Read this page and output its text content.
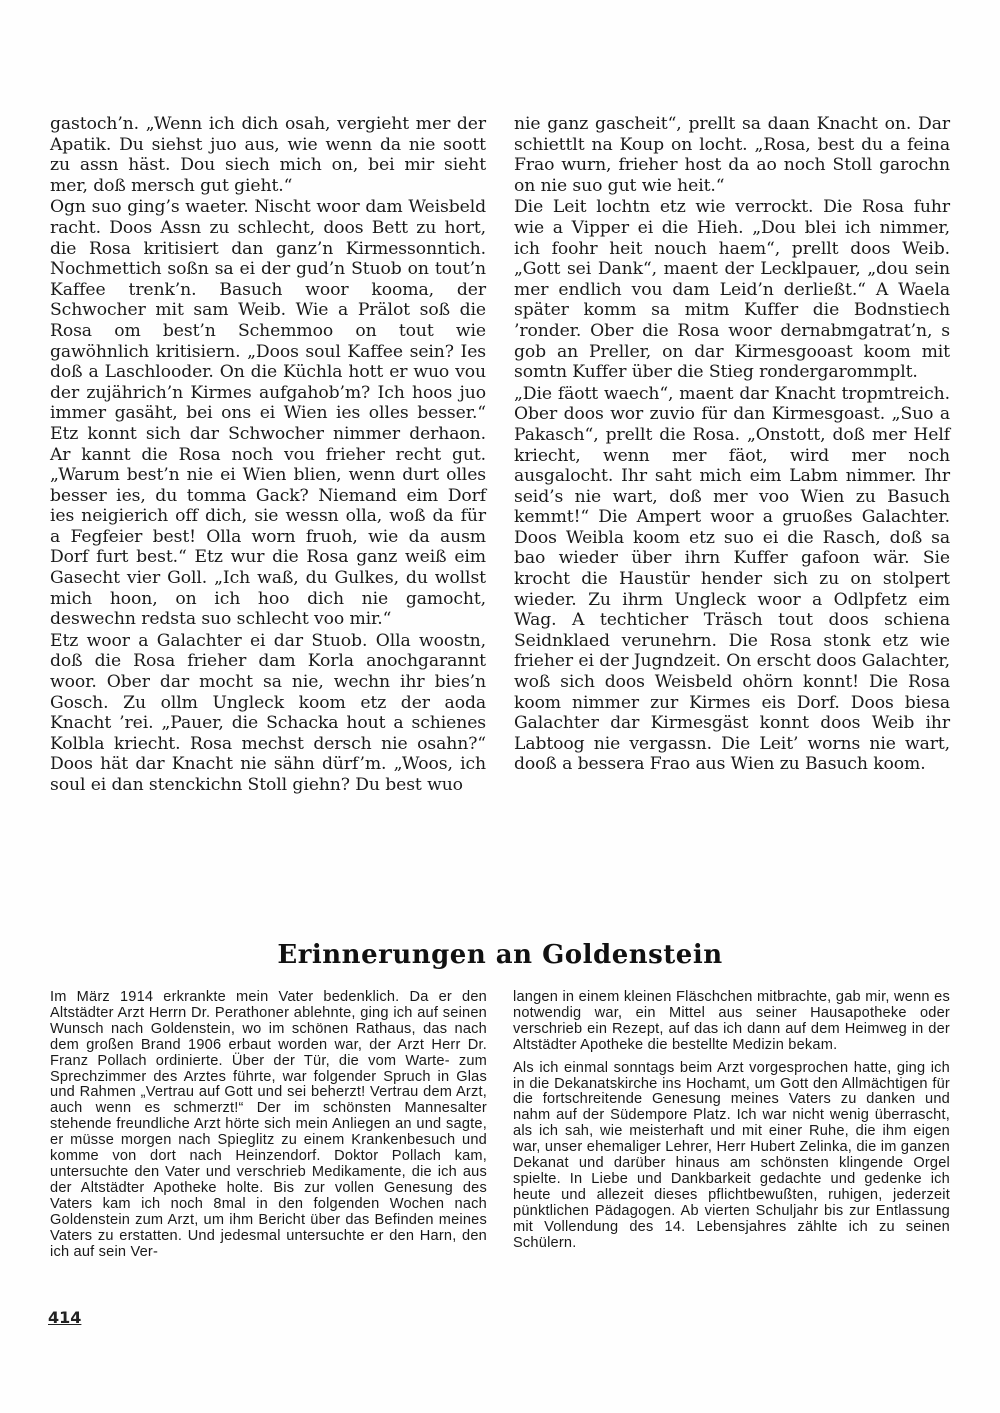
gastoch’n. „Wenn ich dich osah, vergieht mer der Apatik. Du siehst juo aus, wie wenn da nie soott zu assn häst. Dou siech mich on, bei mir sieht mer, doß mersch gut gieht.“

Ogn suo ging’s waeter. Nischt woor dam Weisbeld racht. Doos Assn zu schlecht, doos Bett zu hort, die Rosa kritisiert dan ganz’n Kirmessonntich. Nochmettich soßn sa ei der gud’n Stuob on tout’n Kaffee trenk’n. Basuch woor kooma, der Schwocher mit sam Weib. Wie a Prälot soß die Rosa om best’n Schemmoo on tout wie gawöhnlich kritisiern. „Doos soul Kaffee sein? Ies doß a Laschlooder. On die Küchla hott er wuo vou der zujährich’n Kirmes aufgahob’m? Ich hoos juo immer gasäht, bei ons ei Wien ies olles besser.“ Etz konnt sich dar Schwocher nimmer derhaon. Ar kannt die Rosa noch vou frieher recht gut. „Warum best’n nie ei Wien blien, wenn durt olles besser ies, du tomma Gack? Niemand eim Dorf ies neigierich off dich, sie wessn olla, woß da für a Fegfeier best! Olla worn fruoh, wie da ausm Dorf furt best.“ Etz wur die Rosa ganz weiß eim Gasecht vier Goll. „Ich waß, du Gulkes, du wollst mich hoon, on ich hoo dich nie gamocht, deswechn redsta suo schlecht voo mir.“

Etz woor a Galachter ei dar Stuob. Olla woostn, doß die Rosa frieher dam Korla anochgarannt woor. Ober dar mocht sa nie, wechn ihr bies’n Gosch. Zu ollm Ungleck koom etz der aoda Knacht ’rei. „Pauer, die Schacka hout a schienes Kolbla kriecht. Rosa mechst dersch nie osahn?“ Doos hät dar Knacht nie sähn dürf’m. „Woos, ich soul ei dan stenckichn Stoll giehn? Du best wuo

nie ganz gascheit“, prellt sa daan Knacht on. Dar schiettlt na Koup on locht. „Rosa, best du a feina Frao wurn, frieher host da ao noch Stoll garochn on nie suo gut wie heit.“

Die Leit lochtn etz wie verrockt. Die Rosa fuhr wie a Vipper ei die Hieh. „Dou blei ich nimmer, ich foohr heit nouch haem“, prellt doos Weib. „Gott sei Dank“, maent der Lecklpauer, „dou sein mer endlich vou dam Leid’n derließt.“ A Waela später komm sa mitm Kuffer die Bodnstiech ’ronder. Ober die Rosa woor dernabmgatrat’n, s gob an Preller, on dar Kirmesgooast koom mit somtn Kuffer über die Stieg rondergarommplt.

„Die fäott waech“, maent dar Knacht tropmtreich. Ober doos wor zuvio für dan Kirmesgoast. „Suo a Pakasch“, prellt die Rosa. „Onstott, doß mer Helf kriecht, wenn mer fäot, wird mer noch ausgalocht. Ihr saht mich eim Labm nimmer. Ihr seid’s nie wart, doß mer voo Wien zu Basuch kemmt!“ Die Ampert woor a gruoßes Galachter. Doos Weibla koom etz suo ei die Rasch, doß sa bao wieder über ihrn Kuffer gafoon wär. Sie krocht die Haustür hender sich zu on stolpert wieder. Zu ihrm Ungleck woor a Odlpfetz eim Wag. A techticher Träsch tout doos schiena Seidnklaed verunehrn. Die Rosa stonk etz wie frieher ei der Jugndzeit. On erscht doos Galachter, woß sich doos Weisbeld ohörn konnt! Die Rosa koom nimmer zur Kirmes eis Dorf. Doos biesa Galachter dar Kirmesgäst konnt doos Weib ihr Labtoog nie vergassn. Die Leit’ worns nie wart, dooß a bessera Frao aus Wien zu Basuch koom.

Erinnerungen an Goldenstein

Im März 1914 erkrankte mein Vater bedenklich. Da er den Altstädter Arzt Herrn Dr. Perathoner ablehnte, ging ich auf seinen Wunsch nach Goldenstein, wo im schönen Rathaus, das nach dem großen Brand 1906 erbaut worden war, der Arzt Herr Dr. Franz Pollach ordinierte. Über der Tür, die vom Warte- zum Sprechzimmer des Arztes führte, war folgender Spruch in Glas und Rahmen „Vertrau auf Gott und sei beherzt! Vertrau dem Arzt, auch wenn es schmerzt!“ Der im schönsten Mannesalter stehende freundliche Arzt hörte sich mein Anliegen an und sagte, er müsse morgen nach Spieglitz zu einem Krankenbesuch und komme von dort nach Heinzendorf. Doktor Pollach kam, untersuchte den Vater und verschrieb Medikamente, die ich aus der Altstädter Apotheke holte. Bis zur vollen Genesung des Vaters kam ich noch 8mal in den folgenden Wochen nach Goldenstein zum Arzt, um ihm Bericht über das Befinden meines Vaters zu erstatten. Und jedesmal untersuchte er den Harn, den ich auf sein Ver-

langen in einem kleinen Fläschchen mitbrachte, gab mir, wenn es notwendig war, ein Mittel aus seiner Hausapotheke oder verschrieb ein Rezept, auf das ich dann auf dem Heimweg in der Altstädter Apotheke die bestellte Medizin bekam.

Als ich einmal sonntags beim Arzt vorgesprochen hatte, ging ich in die Dekanatskirche ins Hochamt, um Gott den Allmächtigen für die fortschreitende Genesung meines Vaters zu danken und nahm auf der Südempore Platz. Ich war nicht wenig überrascht, als ich sah, wie meisterhaft und mit einer Ruhe, die ihm eigen war, unser ehemaliger Lehrer, Herr Hubert Zelinka, die im ganzen Dekanat und darüber hinaus am schönsten klingende Orgel spielte. In Liebe und Dankbarkeit gedachte und gedenke ich heute und allezeit dieses pflichtbewußten, ruhigen, jederzeit pünktlichen Pädagogen. Ab vierten Schuljahr bis zur Entlassung mit Vollendung des 14. Lebensjahres zählte ich zu seinen Schülern.

414
